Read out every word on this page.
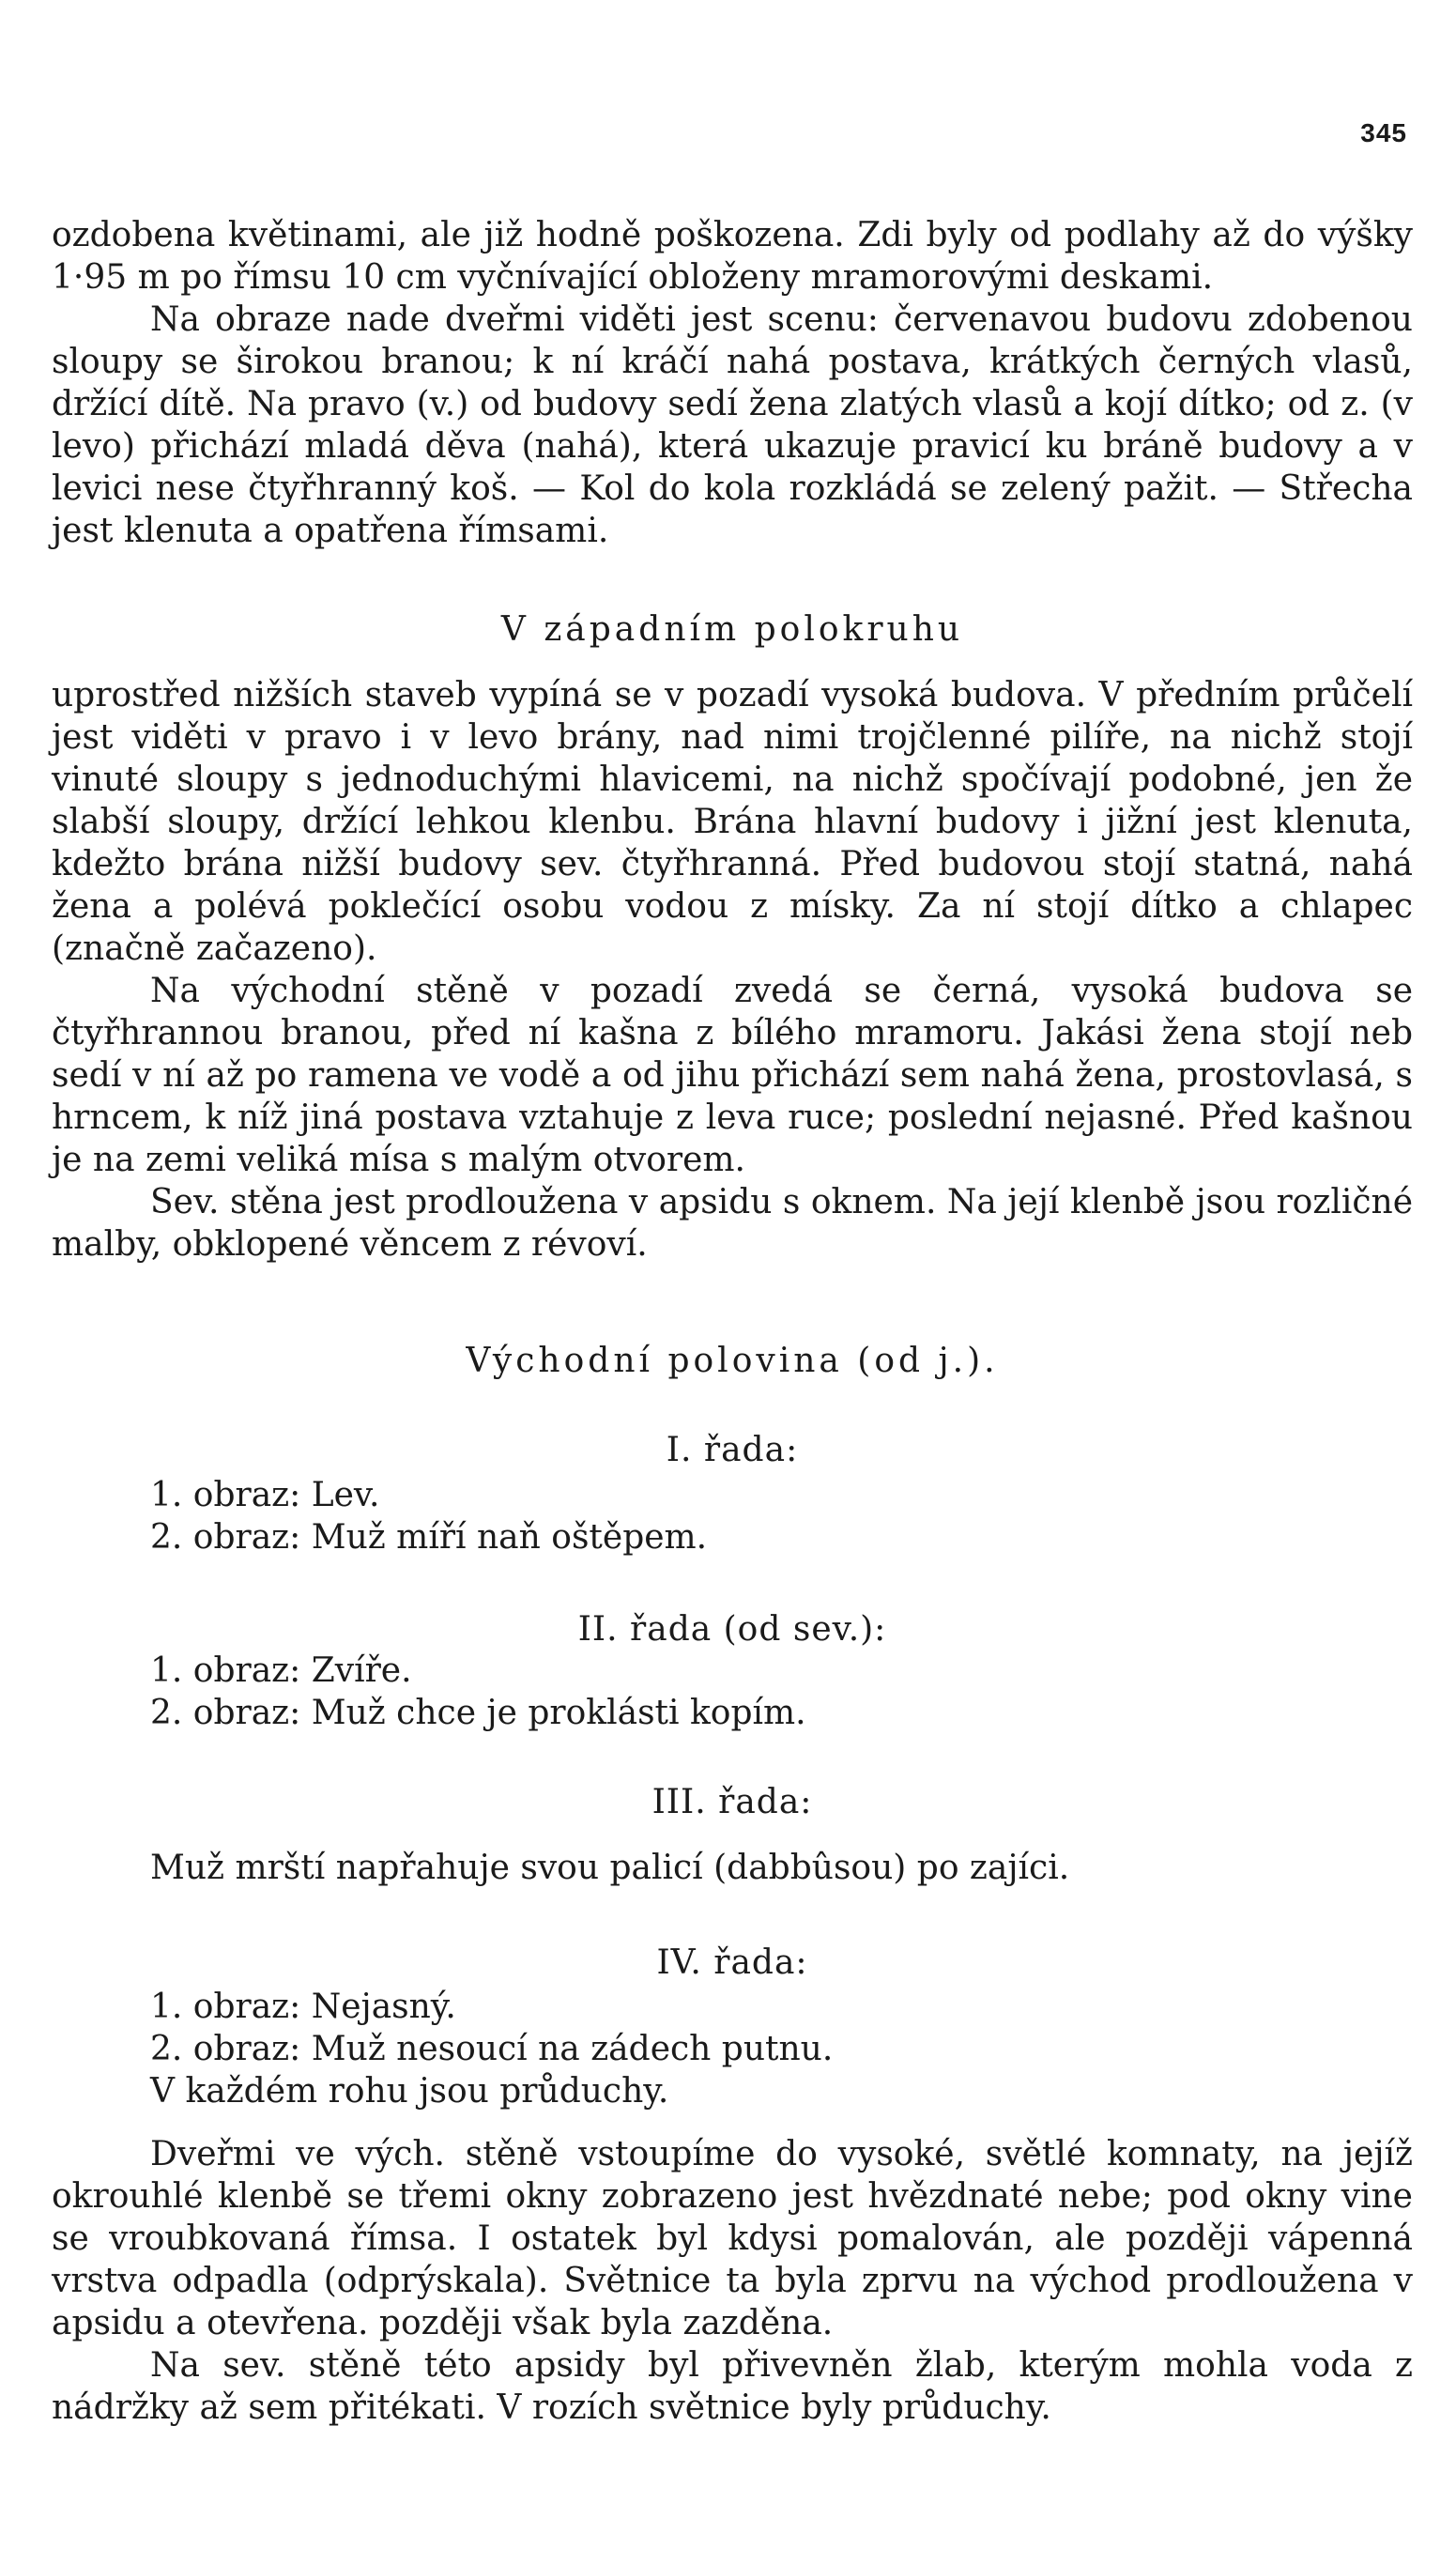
345

ozdobena květinami, ale již hodně poškozena. Zdi byly od podlahy až do výšky 1·95 m po římsu 10 cm vyčnívající obloženy mramorovými deskami.

Na obraze nade dveřmi viděti jest scenu: červenavou budovu zdobenou sloupy se širokou branou; k ní kráčí nahá postava, krátkých černých vlasů, držící dítě. Na pravo (v.) od budovy sedí žena zlatých vlasů a kojí dítko; od z. (v levo) přichází mladá děva (nahá), která ukazuje pravicí ku bráně budovy a v levici nese čtyřhranný koš. — Kol do kola rozkládá se zelený pažit. — Střecha jest klenuta a opatřena římsami.

V západním polokruhu

uprostřed nižších staveb vypíná se v pozadí vysoká budova. V předním průčelí jest viděti v pravo i v levo brány, nad nimi trojčlenné pilíře, na nichž stojí vinuté sloupy s jednoduchými hlavicemi, na nichž spočívají podobné, jen že slabší sloupy, držící lehkou klenbu. Brána hlavní budovy i jižní jest klenuta, kdežto brána nižší budovy sev. čtyřhranná. Před budovou stojí statná, nahá žena a polévá poklečící osobu vodou z mísky. Za ní stojí dítko a chlapec (značně začazeno).

Na východní stěně v pozadí zvedá se černá, vysoká budova se čtyřhrannou branou, před ní kašna z bílého mramoru. Jakási žena stojí neb sedí v ní až po ramena ve vodě a od jihu přichází sem nahá žena, prostovlasá, s hrncem, k níž jiná postava vztahuje z leva ruce; poslední nejasné. Před kašnou je na zemi veliká mísa s malým otvorem.

Sev. stěna jest prodloužena v apsidu s oknem. Na její klenbě jsou rozličné malby, obklopené věncem z révoví.

Východní polovina (od j.).
I. řada:
1. obraz: Lev.
2. obraz: Muž míří naň oštěpem.
II. řada (od sev.):
1. obraz: Zvíře.
2. obraz: Muž chce je proklásti kopím.
III. řada:
Muž mrští napřahuje svou palicí (dabbûsou) po zajíci.
IV. řada:
1. obraz: Nejasný.
2. obraz: Muž nesoucí na zádech putnu.
V každém rohu jsou průduchy.

Dveřmi ve vých. stěně vstoupíme do vysoké, světlé komnaty, na jejíž okrouhlé klenbě se třemi okny zobrazeno jest hvězdnaté nebe; pod okny vine se vroubkovaná římsa. I ostatek byl kdysi pomalován, ale později vápenná vrstva odpadla (odprýskala). Světnice ta byla zprvu na východ prodloužena v apsidu a otevřena. později však byla zazděna.

Na sev. stěně této apsidy byl přivevněn žlab, kterým mohla voda z nádržky až sem přitékati. V rozích světnice byly průduchy.
